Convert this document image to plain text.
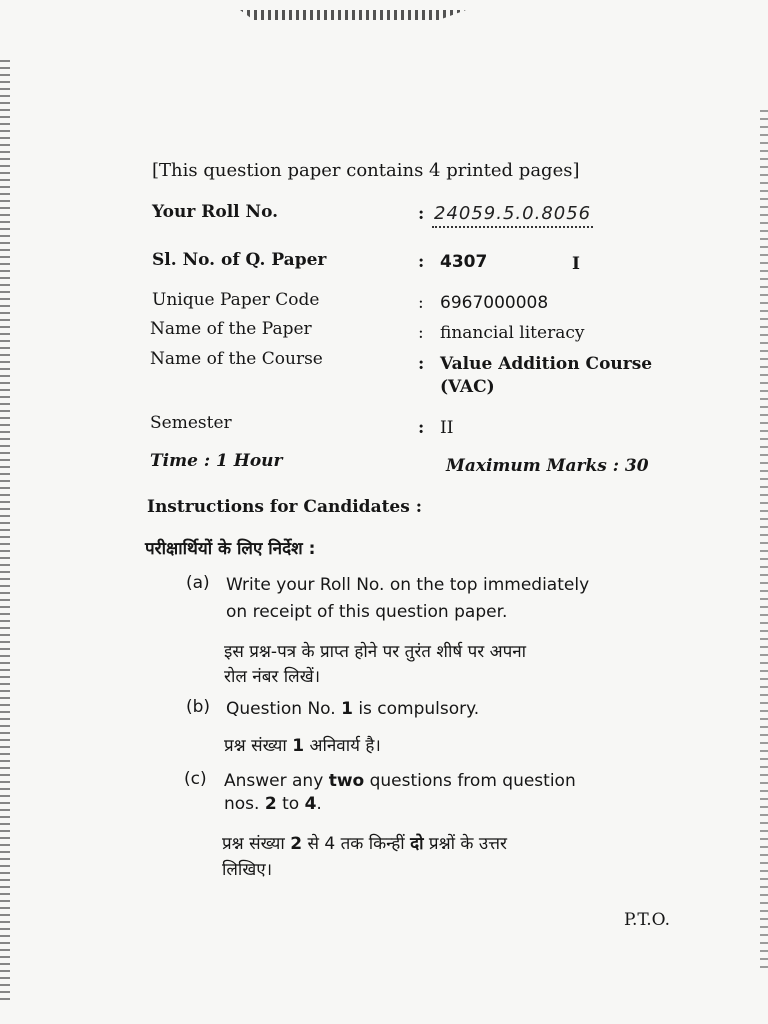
[This question paper contains 4 printed pages]
Your Roll No.	: 24059.5.0.8056
Sl. No. of Q. Paper	: 4307	I
Unique Paper Code	: 6967000008
Name of the Paper	: financial literacy
Name of the Course	: Value Addition Course
(VAC)
Semester	: II
Time : 1 Hour	Maximum Marks : 30
Instructions for Candidates :
परीक्षार्थियों के लिए निर्देश :
(a) Write your Roll No. on the top immediately
on receipt of this question paper.
इस प्रश्न-पत्र के प्राप्त होने पर तुरंत शीर्ष पर अपना
रोल नंबर लिखें।
(b) Question No. 1 is compulsory.
प्रश्न संख्या 1 अनिवार्य है।
(c) Answer any two questions from question
nos. 2 to 4.
प्रश्न संख्या 2 से 4 तक किन्हीं दो प्रश्नों के उत्तर
लिखिए।
P.T.O.
